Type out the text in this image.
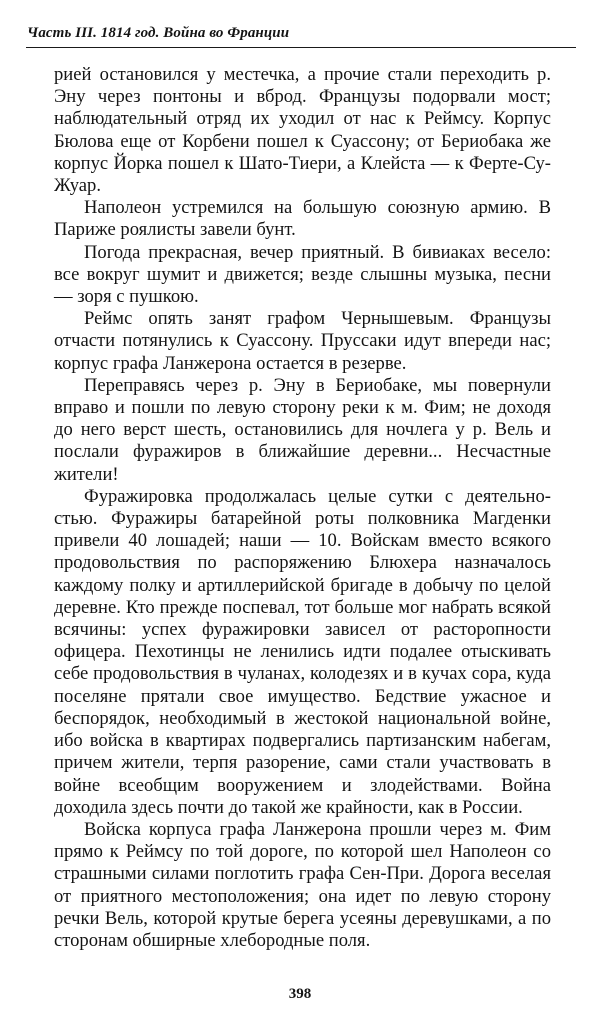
Часть III. 1814 год. Война во Франции

рией остановился у местечка, а прочие стали переходить р. Эну через понтоны и вброд. Французы подорвали мост; наблюдательный отряд их уходил от нас к Реймсу. Корпус Бюлова еще от Корбени пошел к Суассону; от Бериобака же корпус Йорка пошел к Шато-Тиери, а Клейста — к Ферте-Су-Жуар.

Наполеон устремился на большую союзную армию. В Париже роялисты завели бунт.

Погода прекрасная, вечер приятный. В бивиаках весело: все вокруг шумит и движется; везде слышны музыка, песни — зоря с пушкою.

Реймс опять занят графом Чернышевым. Французы отчасти потянулись к Суассону. Пруссаки идут впереди нас; корпус графа Ланжерона остается в резерве.

Переправясь через р. Эну в Бериобаке, мы повернули вправо и пошли по левую сторону реки к м. Фим; не доходя до него верст шесть, остановились для ночлега у р. Вель и послали фуражиров в ближайшие деревни... Несчастные жители!

Фуражировка продолжалась целые сутки с деятельностью. Фуражиры батарейной роты полковника Магденки привели 40 лошадей; наши — 10. Войскам вместо всякого продовольствия по распоряжению Блюхера назначалось каждому полку и артиллерийской бригаде в добычу по целой деревне. Кто прежде поспевал, тот больше мог набрать всякой всячины: успех фуражировки зависел от расторопности офицера. Пехотинцы не ленились идти подалее отыскивать себе продовольствия в чуланах, колодезях и в кучах сора, куда поселяне прятали свое имущество. Бедствие ужасное и беспорядок, необходимый в жестокой национальной войне, ибо войска в квартирах подвергались партизанским набегам, причем жители, терпя разорение, сами стали участвовать в войне всеобщим вооружением и злодействами. Война доходила здесь почти до такой же крайности, как в России.

Войска корпуса графа Ланжерона прошли через м. Фим прямо к Реймсу по той дороге, по которой шел Наполеон со страшными силами поглотить графа Сен-При. Дорога веселая от приятного местоположения; она идет по левую сторону речки Вель, которой крутые берега усеяны деревушками, а по сторонам обширные хлебородные поля.

398
